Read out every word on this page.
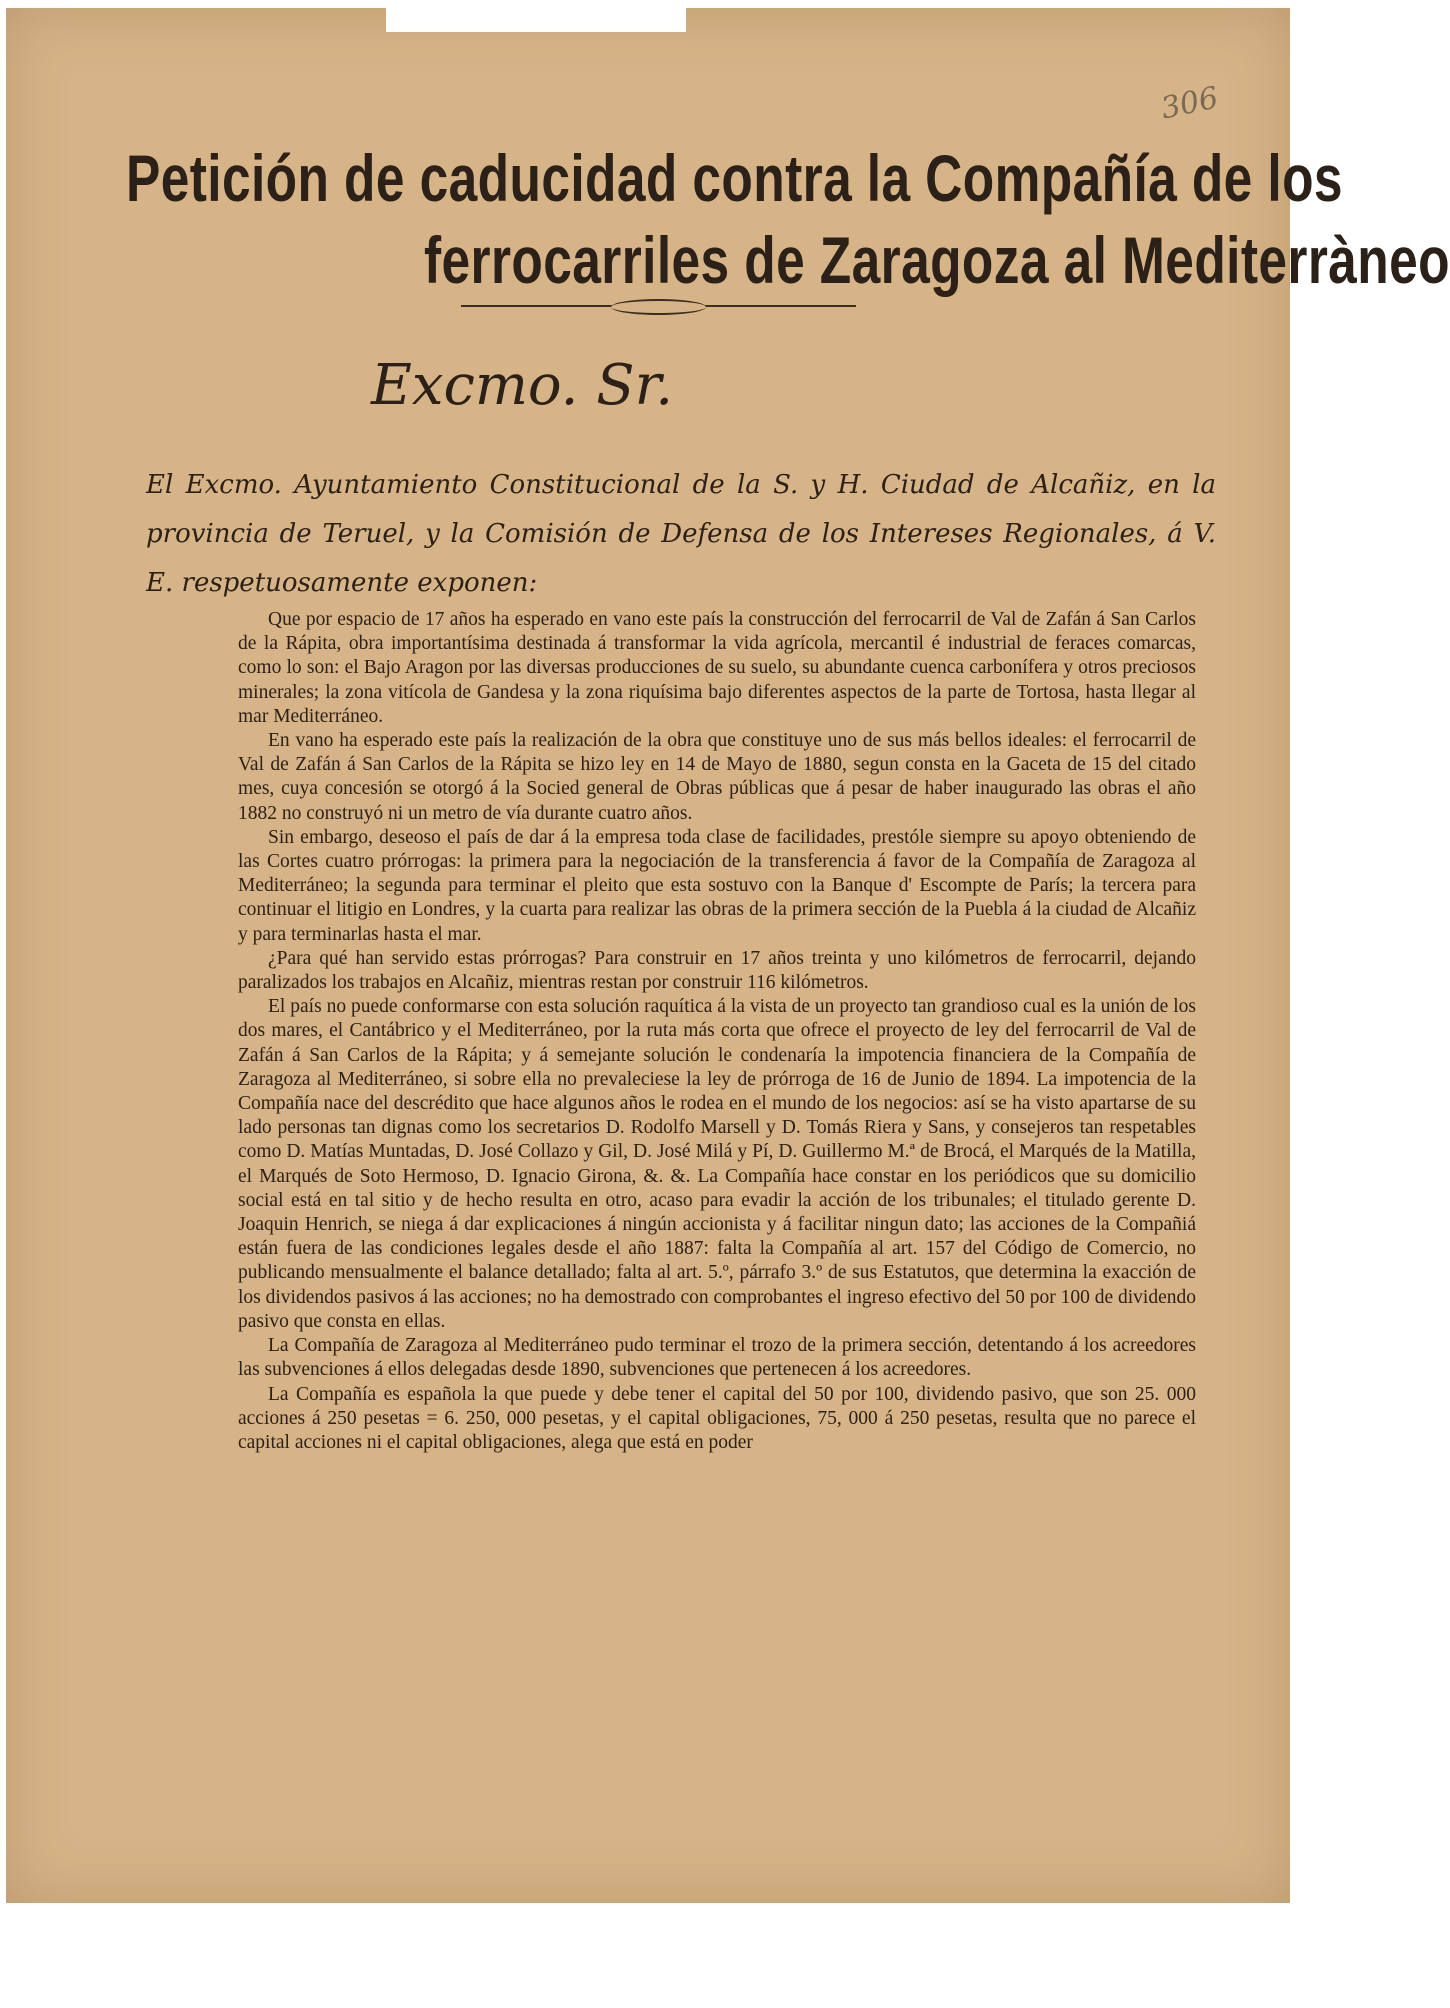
306
Petición de caducidad contra la Compañía de los
ferrocarriles de Zaragoza al Mediterràneo
Excmo. Sr.
El Excmo. Ayuntamiento Constitucional de la S. y H. Ciudad de Alcañiz, en la provincia de Teruel, y la Comisión de Defensa de los Intereses Regionales, á V. E. respetuosamente exponen:

Que por espacio de 17 años ha esperado en vano este país la construcción del ferrocarril de Val de Zafán á San Carlos de la Rápita, obra importantísima destinada á transformar la vida agrícola, mercantil é industrial de feraces comarcas, como lo son: el Bajo Aragon por las diversas producciones de su suelo, su abundante cuenca carbonífera y otros preciosos minerales; la zona vitícola de Gandesa y la zona riquísima bajo diferentes aspectos de la parte de Tortosa, hasta llegar al mar Mediterráneo.

En vano ha esperado este país la realización de la obra que constituye uno de sus más bellos ideales: el ferrocarril de Val de Zafán á San Carlos de la Rápita se hizo ley en 14 de Mayo de 1880, segun consta en la Gaceta de 15 del citado mes, cuya concesión se otorgó á la Socied general de Obras públicas que á pesar de haber inaugurado las obras el año 1882 no construyó ni un metro de vía durante cuatro años.

Sin embargo, deseoso el país de dar á la empresa toda clase de facilidades, prestóle siempre su apoyo obteniendo de las Cortes cuatro prórrogas: la primera para la negociación de la transferencia á favor de la Compañía de Zaragoza al Mediterráneo; la segunda para terminar el pleito que esta sostuvo con la Banque d' Escompte de París; la tercera para continuar el litigio en Londres, y la cuarta para realizar las obras de la primera sección de la Puebla á la ciudad de Alcañiz y para terminarlas hasta el mar.

¿Para qué han servido estas prórrogas? Para construir en 17 años treinta y uno kilómetros de ferrocarril, dejando paralizados los trabajos en Alcañiz, mientras restan por construir 116 kilómetros.

El país no puede conformarse con esta solución raquítica á la vista de un proyecto tan grandioso cual es la unión de los dos mares, el Cantábrico y el Mediterráneo, por la ruta más corta que ofrece el proyecto de ley del ferrocarril de Val de Zafán á San Carlos de la Rápita; y á semejante solución le condenaría la impotencia financiera de la Compañía de Zaragoza al Mediterráneo, si sobre ella no prevaleciese la ley de prórroga de 16 de Junio de 1894. La impotencia de la Compañía nace del descrédito que hace algunos años le rodea en el mundo de los negocios: así se ha visto apartarse de su lado personas tan dignas como los secretarios D. Rodolfo Marsell y D. Tomás Riera y Sans, y consejeros tan respetables como D. Matías Muntadas, D. José Collazo y Gil, D. José Milá y Pí, D. Guillermo M.ª de Brocá, el Marqués de la Matilla, el Marqués de Soto Hermoso, D. Ignacio Girona, &. &. La Compañía hace constar en los periódicos que su domicilio social está en tal sitio y de hecho resulta en otro, acaso para evadir la acción de los tribunales; el titulado gerente D. Joaquin Henrich, se niega á dar explicaciones á ningún accionista y á facilitar ningun dato; las acciones de la Compañiá están fuera de las condiciones legales desde el año 1887: falta la Compañía al art. 157 del Código de Comercio, no publicando mensualmente el balance detallado; falta al art. 5.º, párrafo 3.º de sus Estatutos, que determina la exacción de los dividendos pasivos á las acciones; no ha demostrado con comprobantes el ingreso efectivo del 50 por 100 de dividendo pasivo que consta en ellas.

La Compañía de Zaragoza al Mediterráneo pudo terminar el trozo de la primera sección, detentando á los acreedores las subvenciones á ellos delegadas desde 1890, subvenciones que pertenecen á los acreedores.

La Compañía es española la que puede y debe tener el capital del 50 por 100, dividendo pasivo, que son 25. 000 acciones á 250 pesetas = 6. 250, 000 pesetas, y el capital obligaciones, 75, 000 á 250 pesetas, resulta que no parece el capital acciones ni el capital obligaciones, alega que está en poder
